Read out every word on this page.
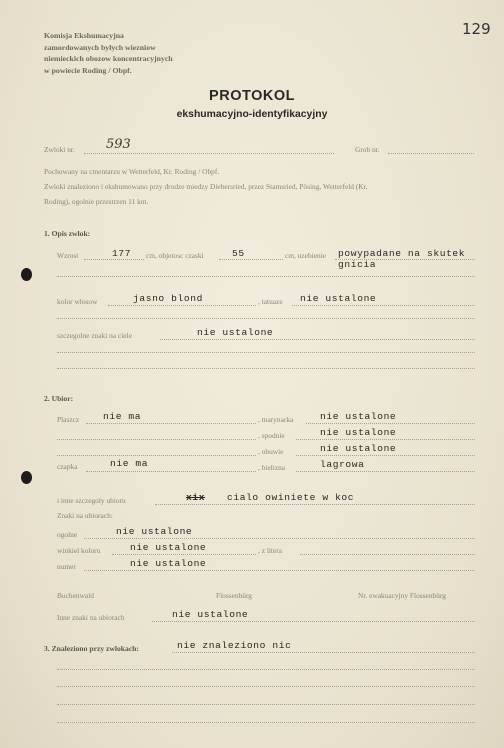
129
Komisja Ekshumacyjna
zamordowanych byłych wiezniow
niemieckich obozow koncentracyjnych
w powiecie Roding / Obpf.
PROTOKOL
ekshumacyjno-identyfikacyjny
Zwloki nr. 593	Grob nr.
Pochowany na cmentarzu w Wetterfeld, Kr. Roding / Obpf.
Zwloki znaleziono i ekshumowano przy drodze miedzy Diebersried, przez Stamsried, Pösing, Wetterfeld (Kr.
Roding), ogolnie przestrzen 11 km.
1. Opis zwlok:
Wzrost	177 cm, objetosc czaski	55	cm, uzebienie powypadane na skutek
gnicia
kolor wlosow	jasno blond	, tatuaze nie ustalone
szczegolne znaki na ciele	nie ustalone
2. Ubior:
Plaszcz nie ma	, marynarka	nie ustalone
, spodnie	nie ustalone
, obuwie	nie ustalone
czapka	nie ma	, bielizna	lagrowa
i inne szczegoly ubioru	xix cialo owiniete w koc
Znaki na ubiorach:
ogolne	nie ustalone
winkiel koloru	nie ustalone	, z litera
numer	nie ustalone
Buchenwald	Flossenbürg	Nr. ewakuacyjny Flossenbürg
Inne znaki na ubiorach	nie ustalone
3. Znaleziono przy zwlokach:	nie znaleziono nic
